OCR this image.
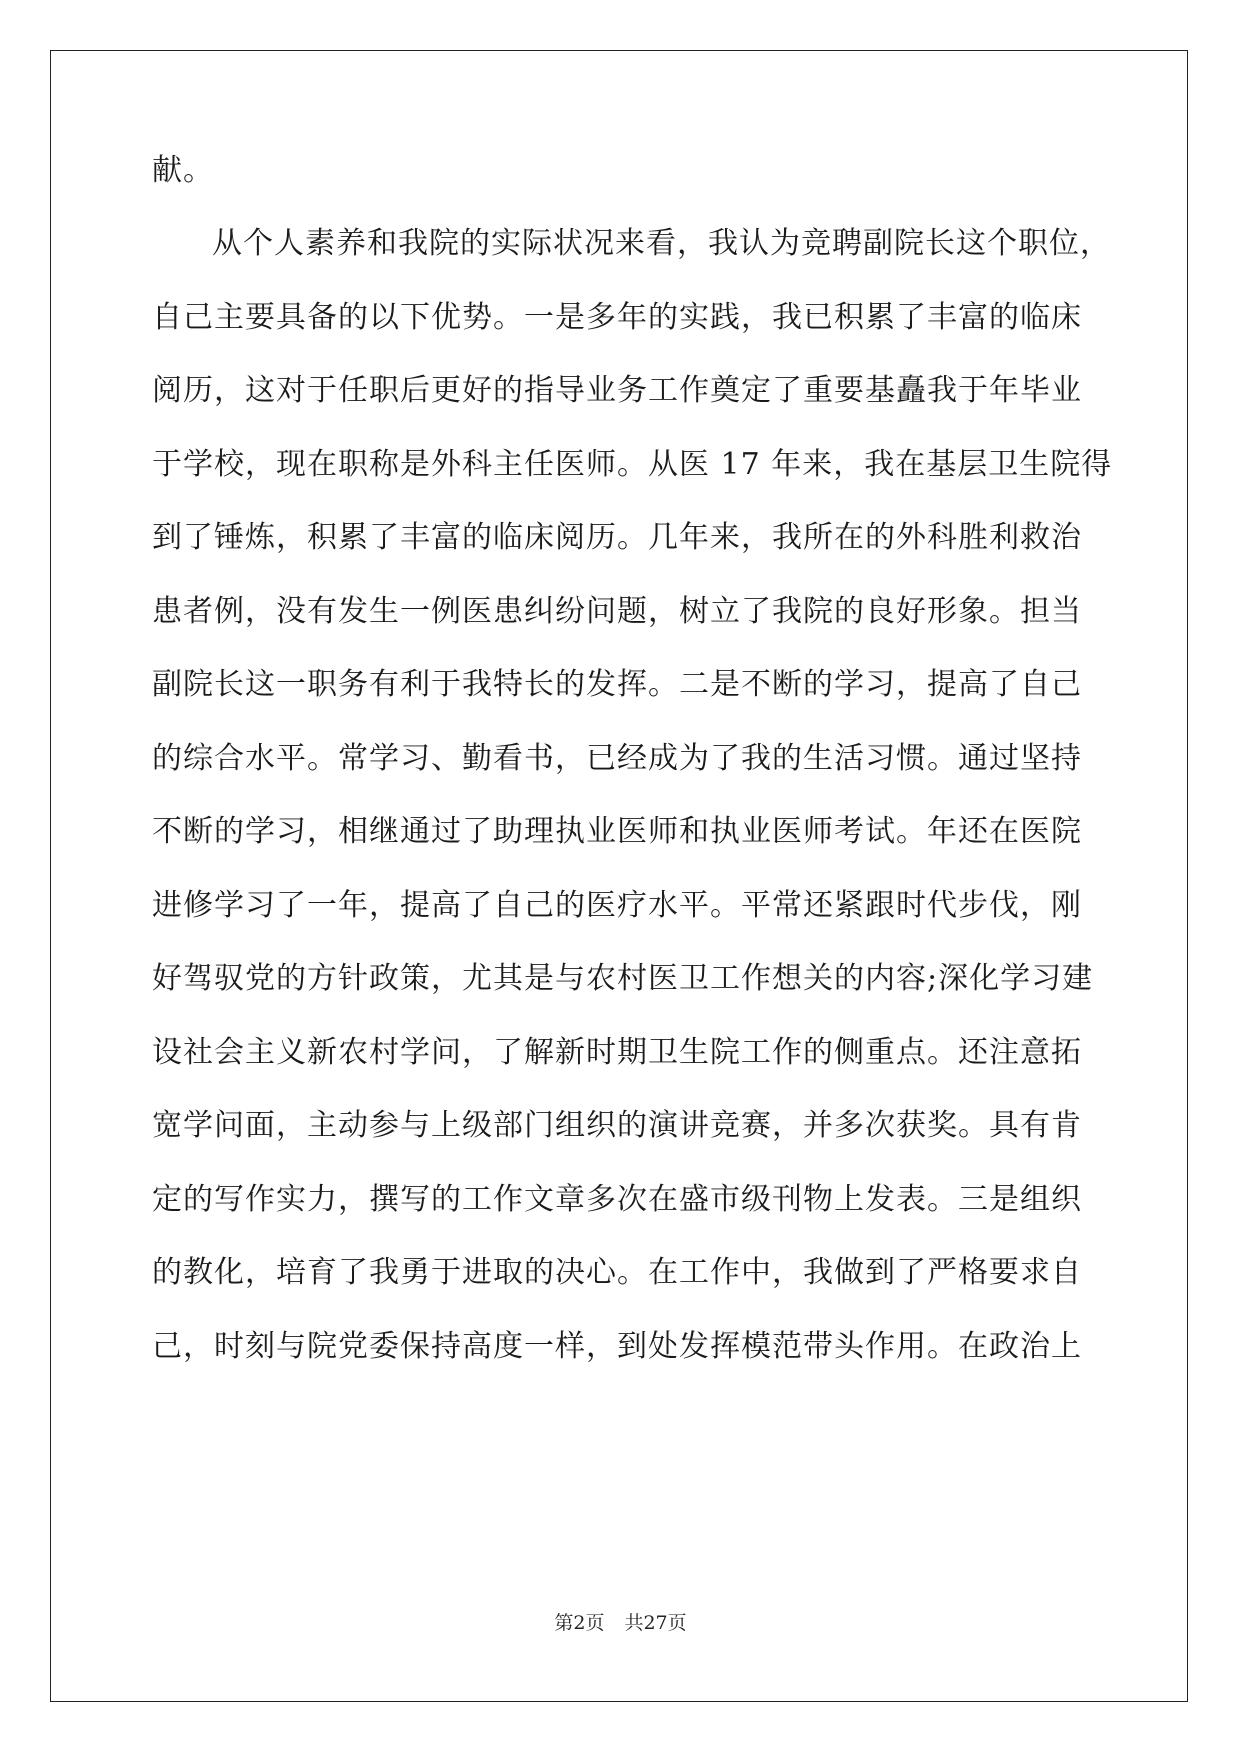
献。
从个人素养和我院的实际状况来看，我认为竞聘副院长这个职位，
自己主要具备的以下优势。一是多年的实践，我已积累了丰富的临床
阅历，这对于任职后更好的指导业务工作奠定了重要基矗我于年毕业
于学校，现在职称是外科主任医师。从医 17 年来，我在基层卫生院得
到了锤炼，积累了丰富的临床阅历。几年来，我所在的外科胜利救治
患者例，没有发生一例医患纠纷问题，树立了我院的良好形象。担当
副院长这一职务有利于我特长的发挥。二是不断的学习，提高了自己
的综合水平。常学习、勤看书，已经成为了我的生活习惯。通过坚持
不断的学习，相继通过了助理执业医师和执业医师考试。年还在医院
进修学习了一年，提高了自己的医疗水平。平常还紧跟时代步伐，刚
好驾驭党的方针政策，尤其是与农村医卫工作想关的内容;深化学习建
设社会主义新农村学问，了解新时期卫生院工作的侧重点。还注意拓
宽学问面，主动参与上级部门组织的演讲竞赛，并多次获奖。具有肯
定的写作实力，撰写的工作文章多次在盛市级刊物上发表。三是组织
的教化，培育了我勇于进取的决心。在工作中，我做到了严格要求自
己，时刻与院党委保持高度一样，到处发挥模范带头作用。在政治上
第2页 共27页
